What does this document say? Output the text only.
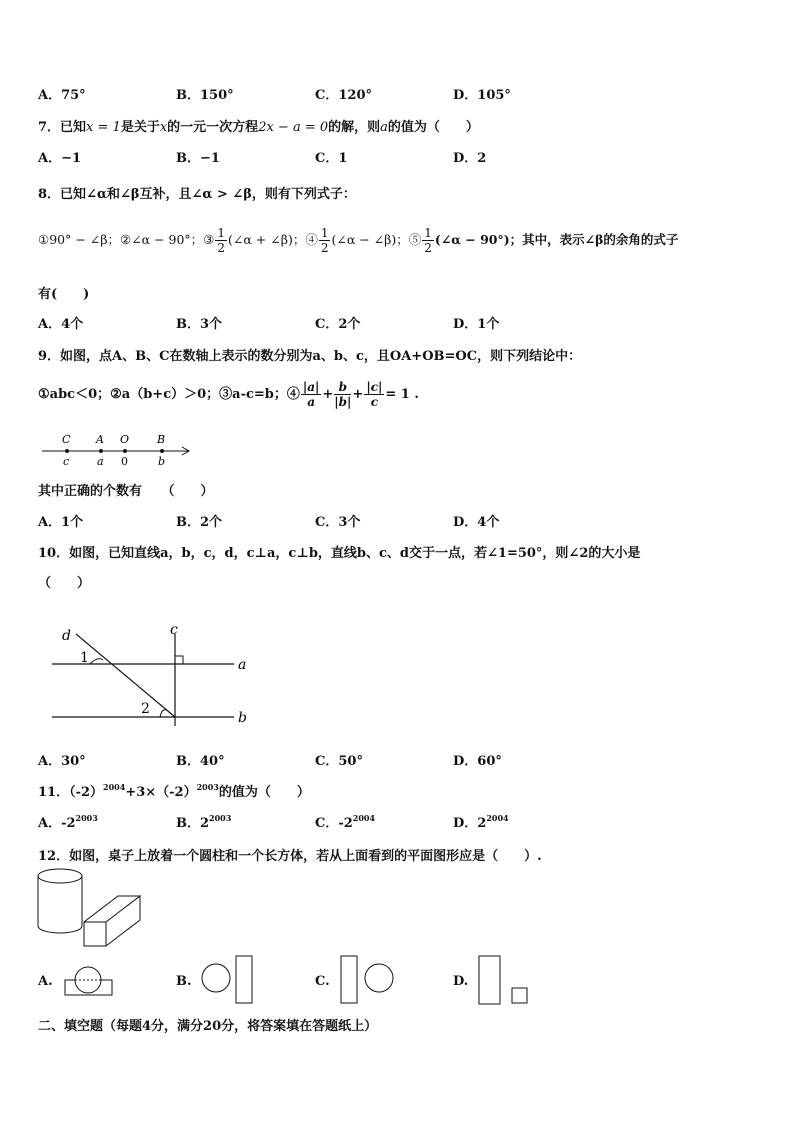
A．75°	B．150°	C．120°	D．105°
7．已知x = 1是关于x的一元一次方程2x − a = 0的解，则a的值为（　　）
A．−1	B．−1	C．1	D．2
8．已知∠α和∠β互补，且∠α > ∠β，则有下列式子：
①90° − ∠β；②∠α − 90°；③ $\frac{1}{2}$ (∠α + ∠β)；④ $\frac{1}{2}$ (∠α − ∠β)；⑤ $\frac{1}{2}$ (∠α − 90°)；其中，表示∠β的余角的式子
有(　　)
A．4个	B．3个	C．2个	D．1个
9．如图，点A、B、C在数轴上表示的数分别为a、b、c，且OA+OB=OC，则下列结论中：
①abc＜0；②a（b+c）＞0；③a-c=b；④ $\frac{|a|}{a} + \frac{b}{|b|} + \frac{|c|}{c} = 1$ .
C A O	B
c	a 0	b
其中正确的个数有　　（　　）
A．1个	B．2个	C．3个	D．4个
10．如图，已知直线a，b，c，d，c⊥a，c⊥b，直线b、c、d交于一点，若∠1=50°，则∠2的大小是
（　　）
d	c
a
b
1
2
A．30°	B．40°	C．50°	D．60°
11．$(-2)^{2004}+3\times(-2)^{2003}$的值为（　　）
A．$-2^{2003}$	B．$2^{2003}$	C．$-2^{2004}$	D．$2^{2004}$
12．如图，桌子上放着一个圆柱和一个长方体，若从上面看到的平面图形应是（　　）.
A.	B.	C.	D.
二、填空题（每题4分，满分20分，将答案填在答题纸上）
